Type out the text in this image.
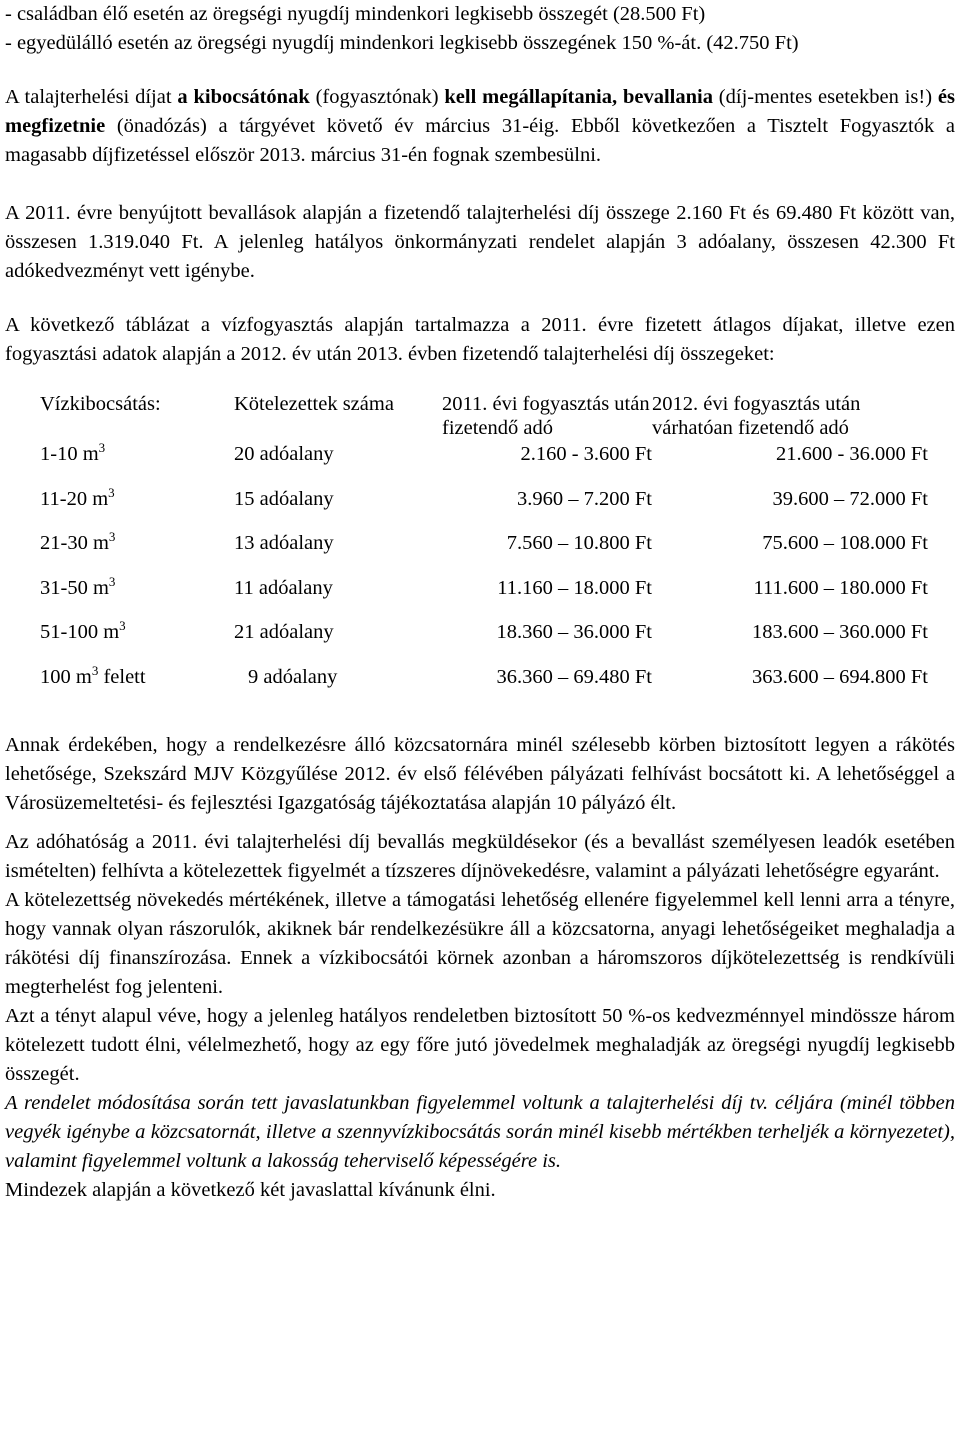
- családban élő esetén az öregségi nyugdíj mindenkori legkisebb összegét (28.500 Ft)

- egyedülálló esetén az öregségi nyugdíj mindenkori legkisebb összegének 150 %-át. (42.750 Ft)

A talajterhelési díjat a kibocsátónak (fogyasztónak) kell megállapítania, bevallania (díj-mentes esetekben is!) és megfizetnie (önadózás) a tárgyévet követő év március 31-éig. Ebből következően a Tisztelt Fogyasztók a magasabb díjfizetéssel először 2013. március 31-én fognak szembesülni.

A 2011. évre benyújtott bevallások alapján a fizetendő talajterhelési díj összege 2.160 Ft és 69.480 Ft között van, összesen 1.319.040 Ft. A jelenleg hatályos önkormányzati rendelet alapján 3 adóalany, összesen 42.300 Ft adókedvezményt vett igénybe.

A következő táblázat a vízfogyasztás alapján tartalmazza a 2011. évre fizetett átlagos díjakat, illetve ezen fogyasztási adatok alapján a 2012. év után 2013. évben fizetendő talajterhelési díj összegeket:

Vízkibocsátás:	Kötelezettek száma	2011. évi fogyasztás után fizetendő adó	2012. évi fogyasztás után várhatóan fizetendő adó
1-10 $m^3$	20 adóalany	2.160 - 3.600 Ft	21.600 - 36.000 Ft
11-20 $m^3$	15 adóalany	3.960 – 7.200 Ft	39.600 – 72.000 Ft
21-30 $m^3$	13 adóalany	7.560 – 10.800 Ft	75.600 – 108.000 Ft
31-50 $m^3$	11 adóalany	11.160 – 18.000 Ft	111.600 – 180.000 Ft
51-100 $m^3$	21 adóalany	18.360 – 36.000 Ft	183.600 – 360.000 Ft
100 $m^3$ felett	9 adóalany	36.360 – 69.480 Ft	363.600 – 694.800 Ft

Annak érdekében, hogy a rendelkezésre álló közcsatornára minél szélesebb körben biztosított legyen a rákötés lehetősége, Szekszárd MJV Közgyűlése 2012. év első félévében pályázati felhívást bocsátott ki. A lehetőséggel a Városüzemeltetési- és fejlesztési Igazgatóság tájékoztatása alapján 10 pályázó élt.

Az adóhatóság a 2011. évi talajterhelési díj bevallás megküldésekor (és a bevallást személyesen leadók esetében ismételten) felhívta a kötelezettek figyelmét a tízszeres díjnövekedésre, valamint a pályázati lehetőségre egyaránt.

A kötelezettség növekedés mértékének, illetve a támogatási lehetőség ellenére figyelemmel kell lenni arra a tényre, hogy vannak olyan rászorulók, akiknek bár rendelkezésükre áll a közcsatorna, anyagi lehetőségeiket meghaladja a rákötési díj finanszírozása. Ennek a vízkibocsátói körnek azonban a háromszoros díjkötelezettség is rendkívüli megterhelést fog jelenteni.

Azt a tényt alapul véve, hogy a jelenleg hatályos rendeletben biztosított 50 %-os kedvezménnyel mindössze három kötelezett tudott élni, vélelmezhető, hogy az egy főre jutó jövedelmek meghaladják az öregségi nyugdíj legkisebb összegét.

A rendelet módosítása során tett javaslatunkban figyelemmel voltunk a talajterhelési díj tv. céljára (minél többen vegyék igénybe a közcsatornát, illetve a szennyvízkibocsátás során minél kisebb mértékben terheljék a környezetet), valamint figyelemmel voltunk a lakosság teherviselő képességére is.

Mindezek alapján a következő két javaslattal kívánunk élni.
